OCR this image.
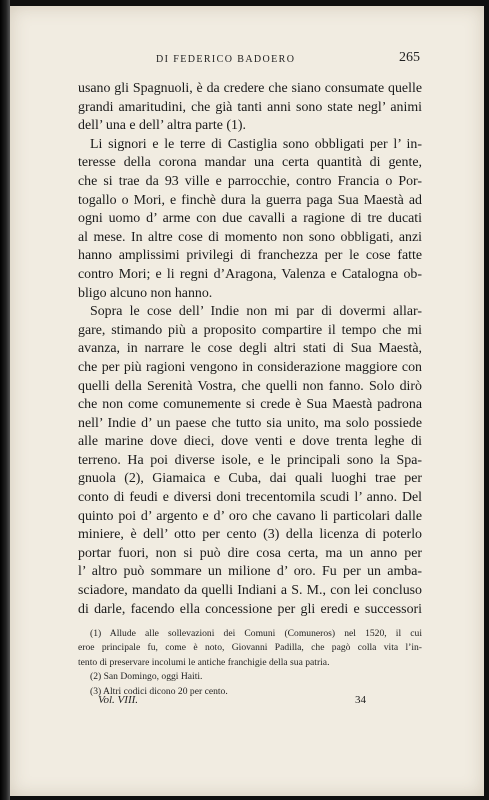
DI FEDERICO BADOERO	265
usano gli Spagnuoli, è da credere che siano consumate quelle
grandi amaritudini, che già tanti anni sono state negl’ animi
dell’ una e dell’ altra parte (1).
Li signori e le terre di Castiglia sono obbligati per l’ in-
teresse della corona mandar una certa quantità di gente,
che si trae da 93 ville e parrocchie, contro Francia o Por-
togallo o Mori, e finchè dura la guerra paga Sua Maestà ad
ogni uomo d’ arme con due cavalli a ragione di tre ducati
al mese. In altre cose di momento non sono obbligati, anzi
hanno amplissimi privilegi di franchezza per le cose fatte
contro Mori; e li regni d’Aragona, Valenza e Catalogna ob-
bligo alcuno non hanno.
Sopra le cose dell’ Indie non mi par di dovermi allar-
gare, stimando più a proposito compartire il tempo che mi
avanza, in narrare le cose degli altri stati di Sua Maestà,
che per più ragioni vengono in considerazione maggiore con
quelli della Serenità Vostra, che quelli non fanno. Solo dirò
che non come comunemente si crede è Sua Maestà padrona
nell’ Indie d’ un paese che tutto sia unito, ma solo possiede
alle marine dove dieci, dove venti e dove trenta leghe di
terreno. Ha poi diverse isole, e le principali sono la Spa-
gnuola (2), Giamaica e Cuba, dai quali luoghi trae per
conto di feudi e diversi doni trecentomila scudi l’ anno. Del
quinto poi d’ argento e d’ oro che cavano li particolari dalle
miniere, è dell’ otto per cento (3) della licenza di poterlo
portar fuori, non si può dire cosa certa, ma un anno per
l’ altro può sommare un milione d’ oro. Fu per un amba-
sciadore, mandato da quelli Indiani a S. M., con lei concluso
di darle, facendo ella concessione per gli eredi e successori
(1) Allude alle sollevazioni dei Comuni (Comuneros) nel 1520, il cui
eroe principale fu, come è noto, Giovanni Padilla, che pagò colla vita l’in-
tento di preservare incolumi le antiche franchigie della sua patria.
(2) San Domingo, oggi Haiti.
(3) Altri codici dicono 20 per cento.
Vol. VIII.	34
